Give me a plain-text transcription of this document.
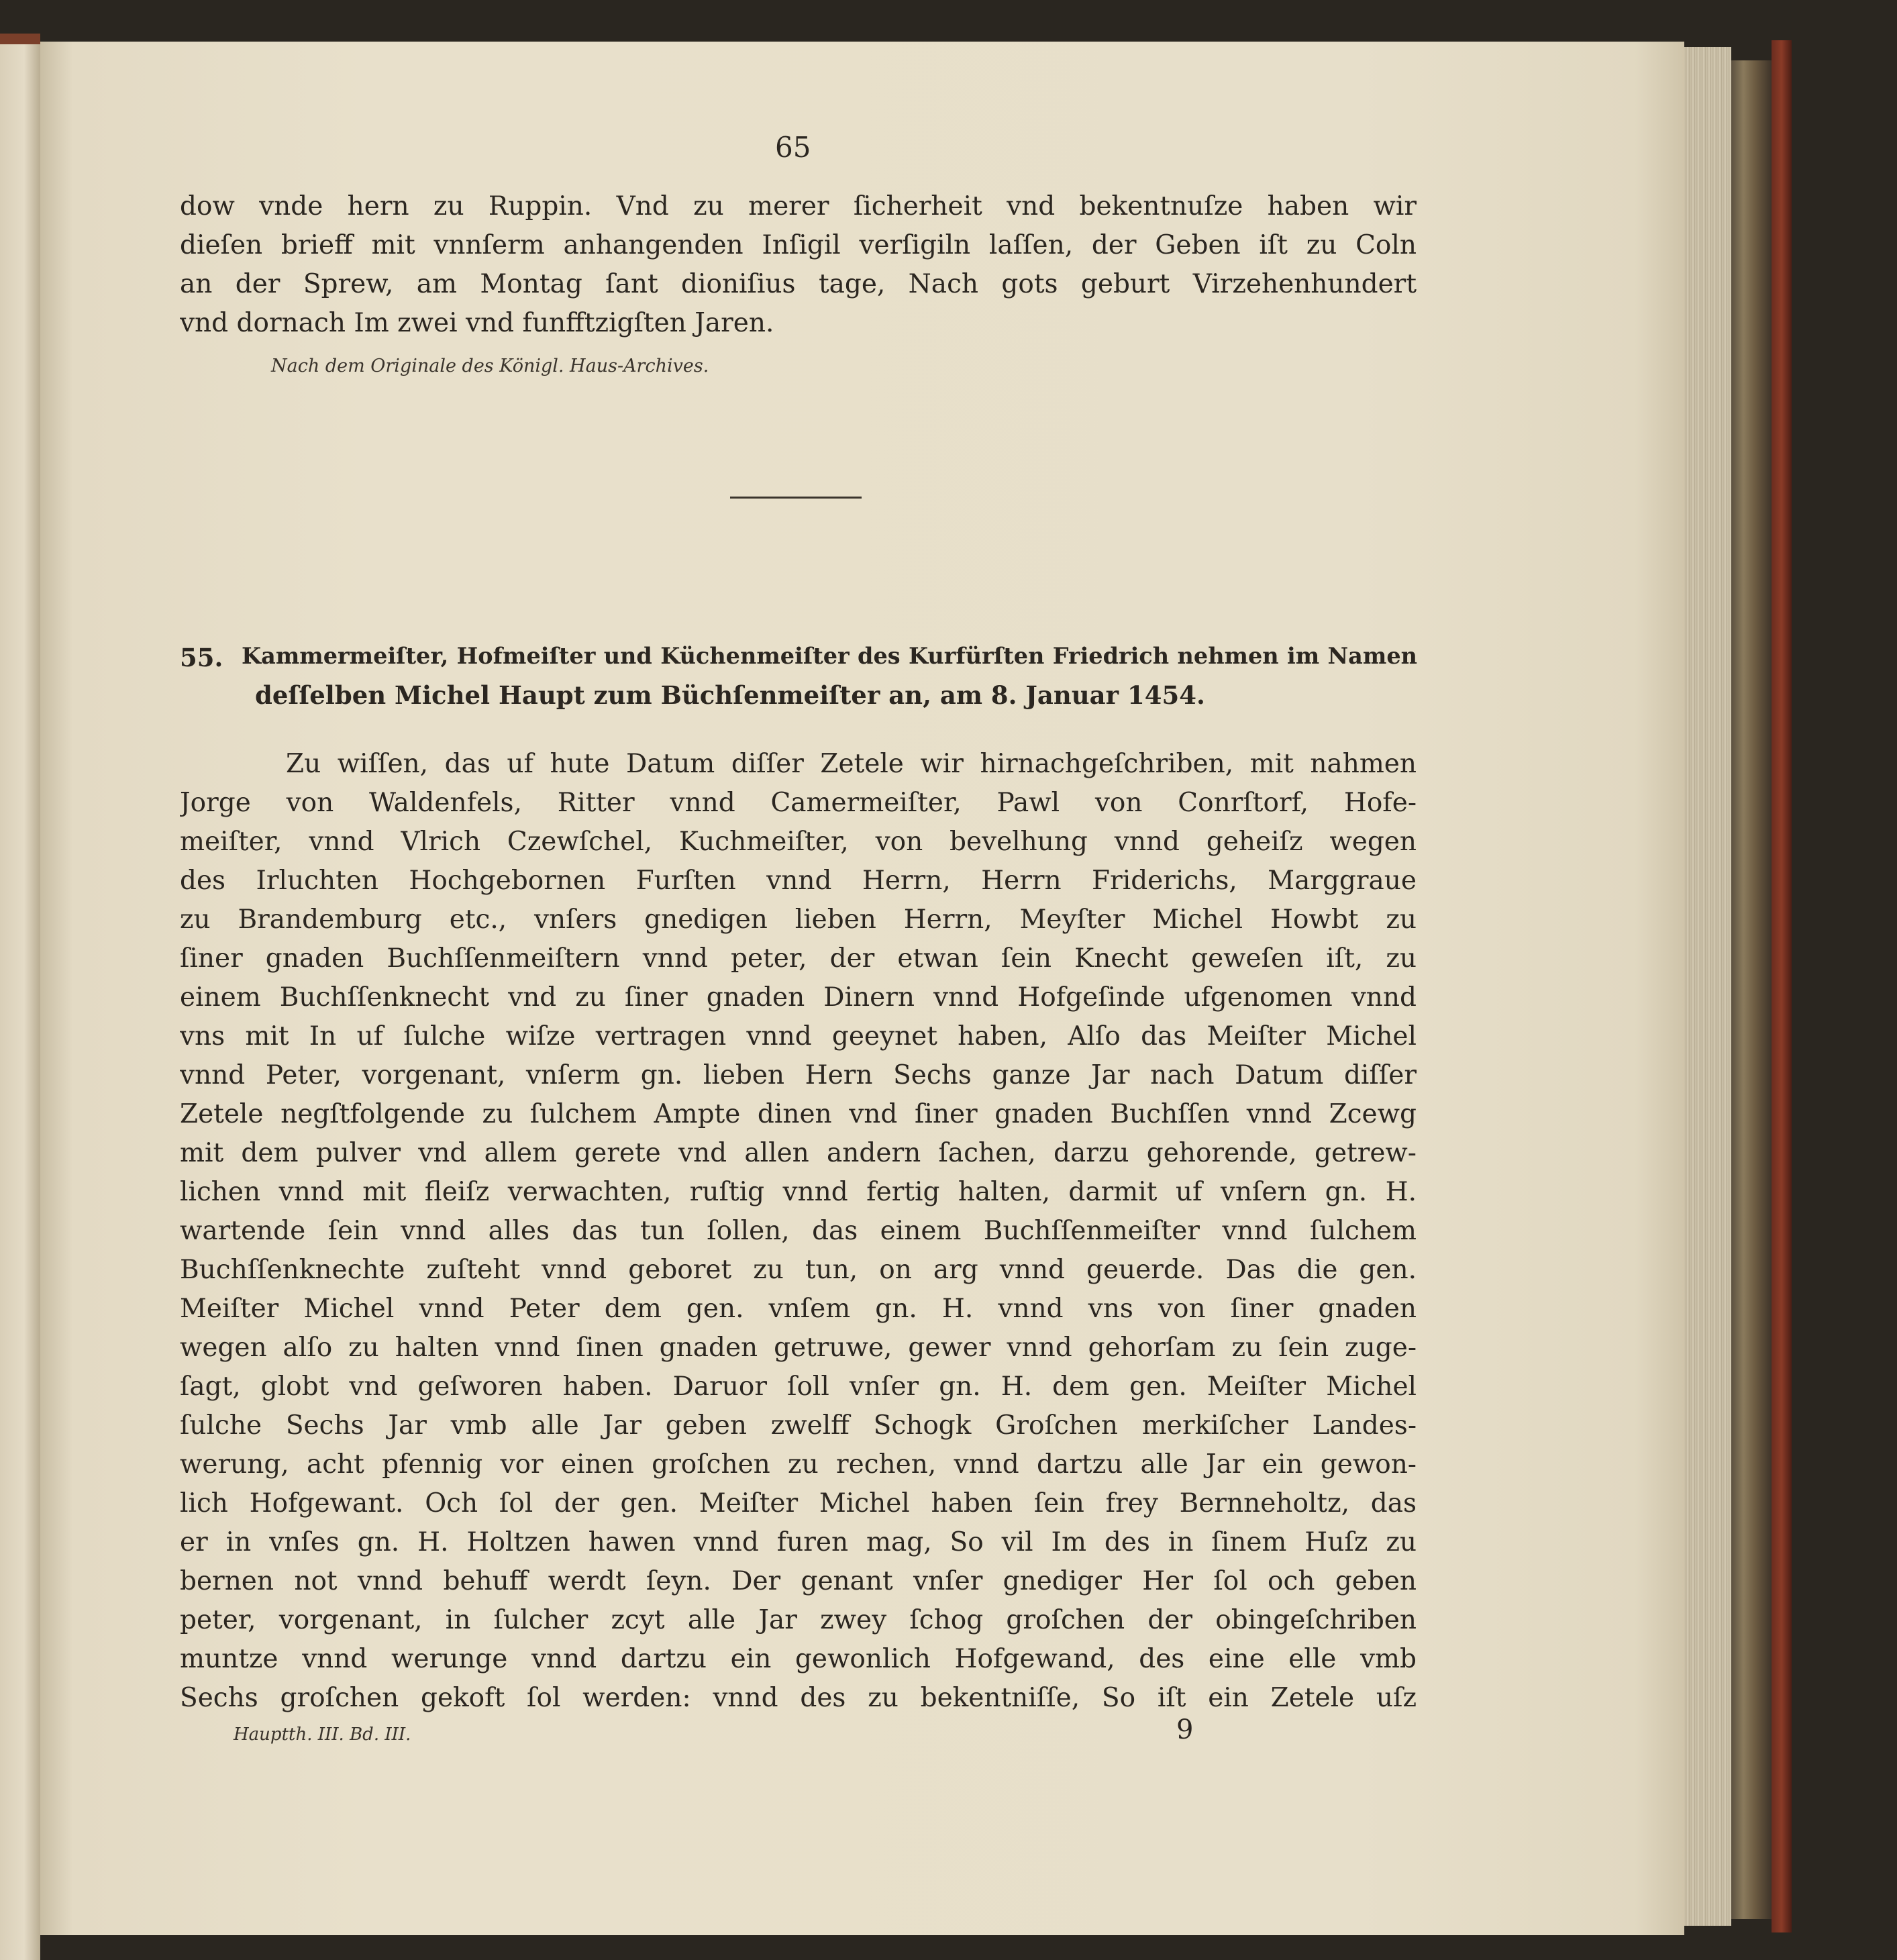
65
dow vnde hern zu Ruppin. Vnd zu merer ſicherheit vnd bekentnuſze haben wir
dieſen brieff mit vnnſerm anhangenden Inſigil verſigiln laſſen, der Geben iſt zu Coln
an der Sprew, am Montag ſant dioniſius tage, Nach gots geburt Virzehenhundert
vnd dornach Im zwei vnd funfftzigſten Jaren.
Nach dem Originale des Königl. Haus-Archives.
55. Kammermeiſter, Hofmeiſter und Küchenmeiſter des Kurfürſten Friedrich nehmen im Namen
deſſelben Michel Haupt zum Büchſenmeiſter an, am 8. Januar 1454.
Zu wiſſen, das uf hute Datum diſſer Zetele wir hirnachgeſchriben, mit nahmen
Jorge von Waldenfels, Ritter vnnd Camermeiſter, Pawl von Conrſtorf, Hofe-
meiſter, vnnd Vlrich Czewſchel, Kuchmeiſter, von bevelhung vnnd geheiſz wegen
des Irluchten Hochgebornen Furſten vnnd Herrn, Herrn Friderichs, Marggraue
zu Brandemburg etc., vnſers gnedigen lieben Herrn, Meyſter Michel Howbt zu
ſiner gnaden Buchſſenmeiſtern vnnd peter, der etwan ſein Knecht geweſen iſt, zu
einem Buchſſenknecht vnd zu ſiner gnaden Dinern vnnd Hofgeſinde ufgenomen vnnd
vns mit In uf ſulche wiſze vertragen vnnd geeynet haben, Alſo das Meiſter Michel
vnnd Peter, vorgenant, vnſerm gn. lieben Hern Sechs ganze Jar nach Datum diſſer
Zetele negſtfolgende zu ſulchem Ampte dinen vnd ſiner gnaden Buchſſen vnnd Zcewg
mit dem pulver vnd allem gerete vnd allen andern ſachen, darzu gehorende, getrew-
lichen vnnd mit fleiſz verwachten, ruſtig vnnd fertig halten, darmit uf vnſern gn. H.
wartende ſein vnnd alles das tun ſollen, das einem Buchſſenmeiſter vnnd ſulchem
Buchſſenknechte zuſteht vnnd geboret zu tun, on arg vnnd geuerde. Das die gen.
Meiſter Michel vnnd Peter dem gen. vnſem gn. H. vnnd vns von ſiner gnaden
wegen alſo zu halten vnnd ſinen gnaden getruwe, gewer vnnd gehorſam zu ſein zuge-
ſagt, globt vnd geſworen haben. Daruor ſoll vnſer gn. H. dem gen. Meiſter Michel
ſulche Sechs Jar vmb alle Jar geben zwelff Schogk Groſchen merkiſcher Landes-
werung, acht pfennig vor einen groſchen zu rechen, vnnd dartzu alle Jar ein gewon-
lich Hofgewant. Och ſol der gen. Meiſter Michel haben ſein frey Bernneholtz, das
er in vnſes gn. H. Holtzen hawen vnnd furen mag, So vil Im des in ſinem Huſz zu
bernen not vnnd behuff werdt ſeyn. Der genant vnſer gnediger Her ſol och geben
peter, vorgenant, in ſulcher zcyt alle Jar zwey ſchog groſchen der obingeſchriben
muntze vnnd werunge vnnd dartzu ein gewonlich Hofgewand, des eine elle vmb
Sechs groſchen gekoft ſol werden: vnnd des zu bekentniſſe, So iſt ein Zetele uſz
Hauptth. III. Bd. III.	9
